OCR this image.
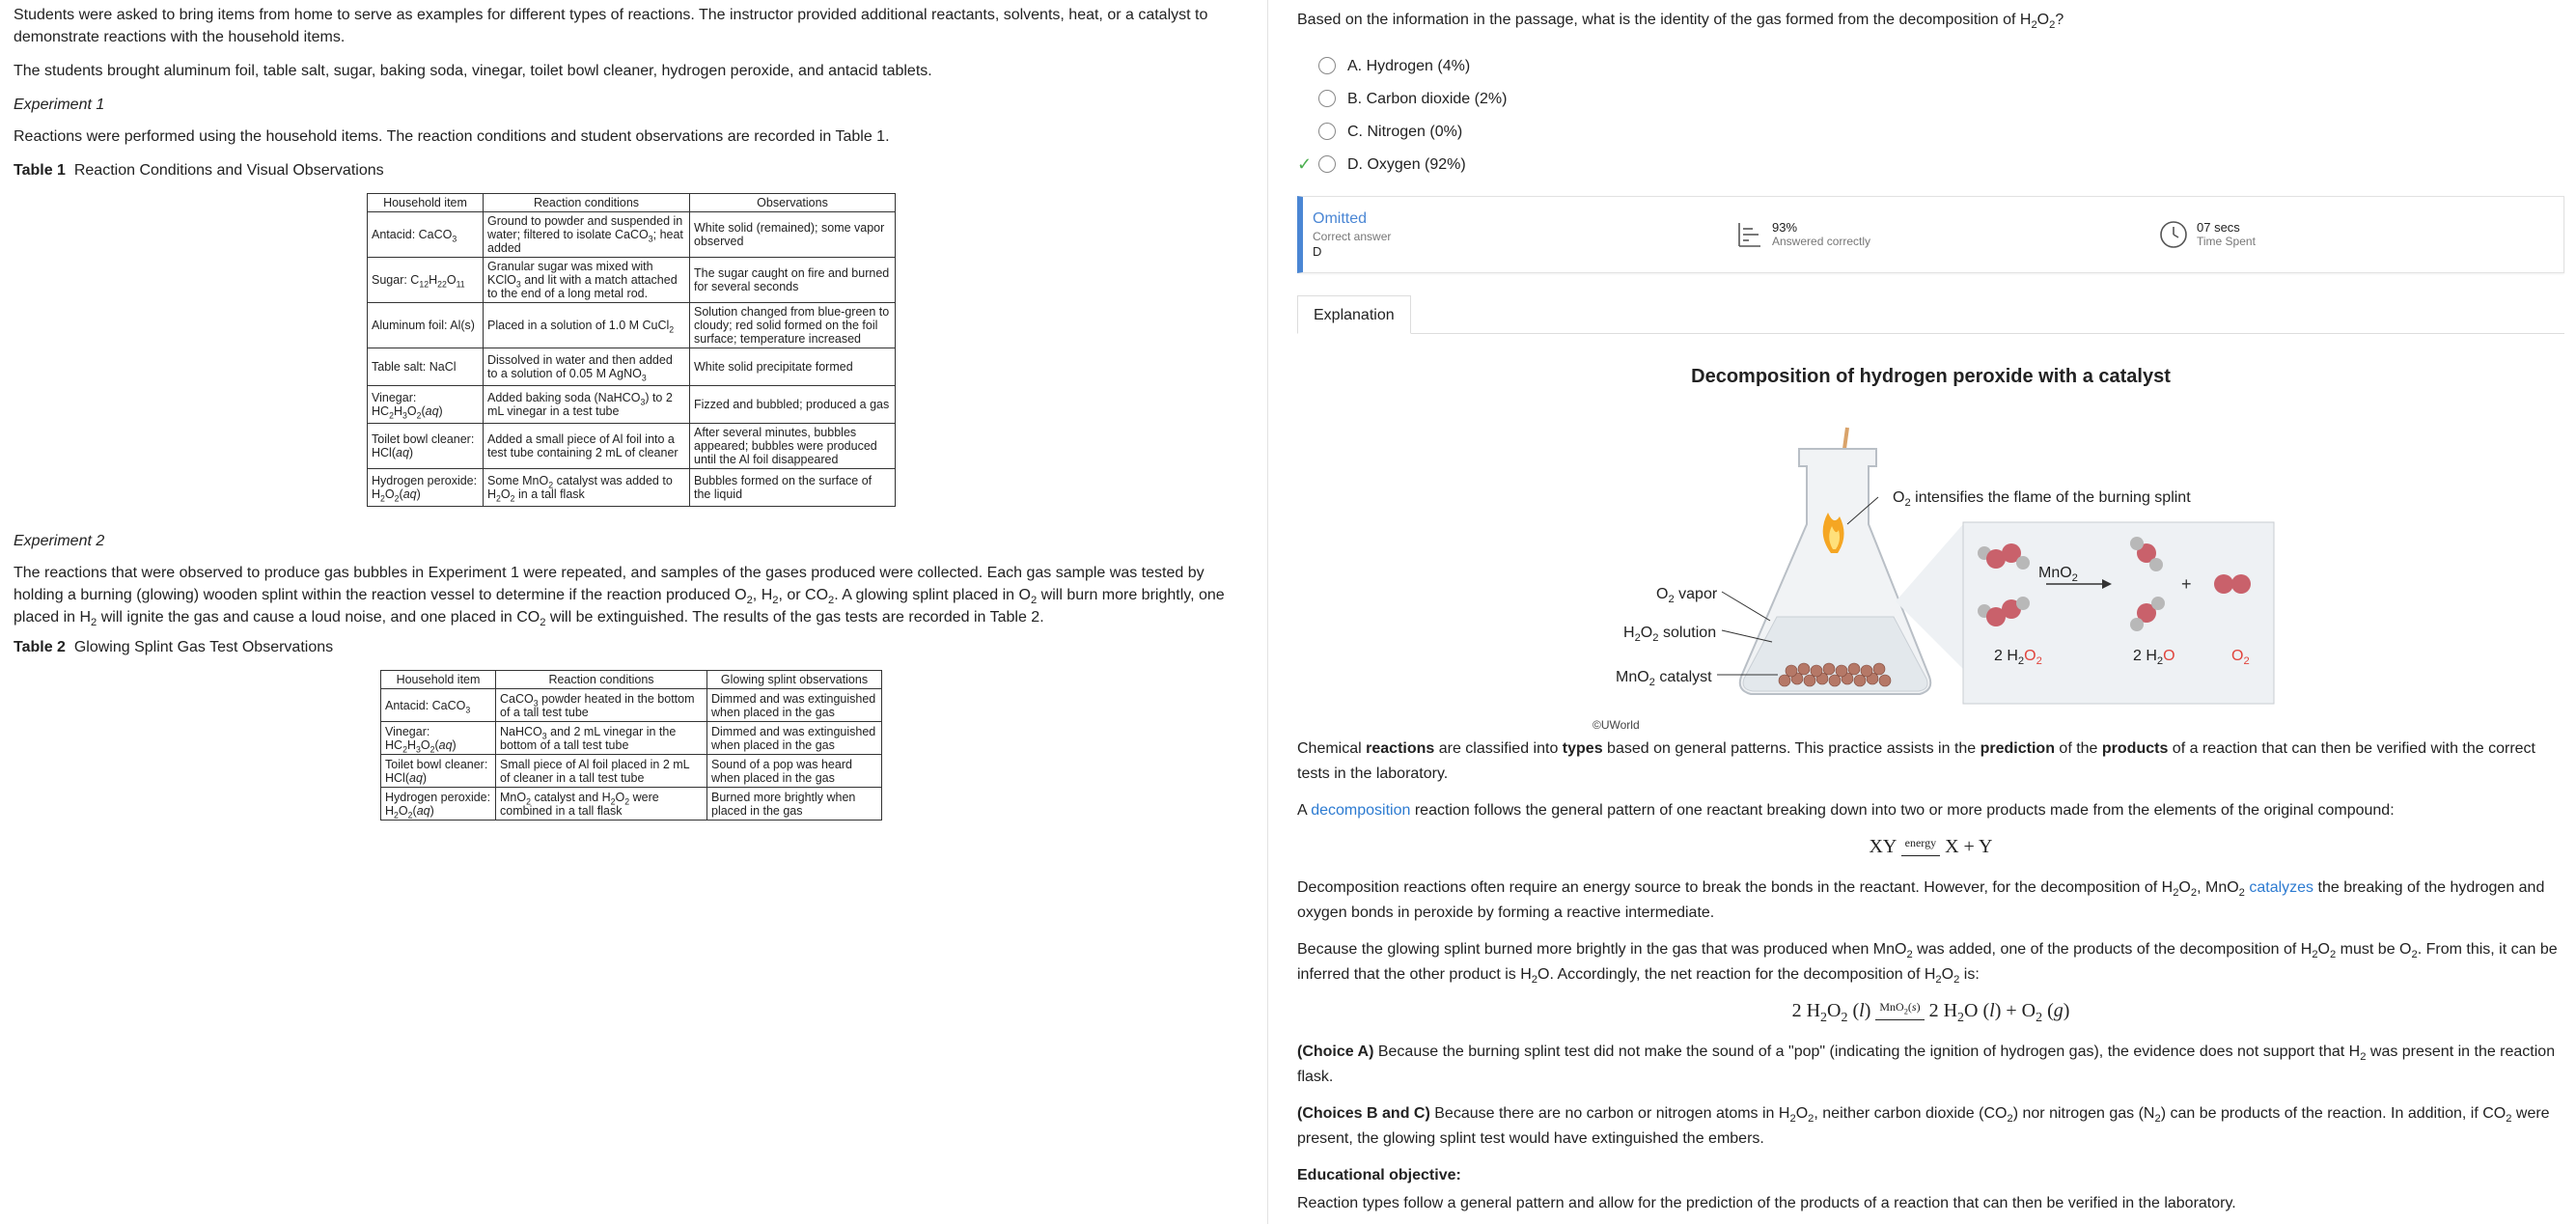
Students were asked to bring items from home to serve as examples for different types of reactions. The instructor provided additional reactants, solvents, heat, or a catalyst to demonstrate reactions with the household items.

The students brought aluminum foil, table salt, sugar, baking soda, vinegar, toilet bowl cleaner, hydrogen peroxide, and antacid tablets.

Experiment 1

Reactions were performed using the household items. The reaction conditions and student observations are recorded in Table 1.

Table 1 Reaction Conditions and Visual Observations

Household item	Reaction conditions	Observations
Antacid: CaCO$_3$	Ground to powder and suspended in water; filtered to isolate CaCO$_3$; heat added	White solid (remained); some vapor observed
Sugar: $C_{12}H_{22}O_{11}$	Granular sugar was mixed with KClO$_3$ and lit with a match attached to the end of a long metal rod.	The sugar caught on fire and burned for several seconds
Aluminum foil: Al(s)	Placed in a solution of 1.0 M CuCl$_2$	Solution changed from blue-green to cloudy; red solid formed on the foil surface; temperature increased
Table salt: NaCl	Dissolved in water and then added to a solution of 0.05 M AgNO$_3$	White solid precipitate formed
Vinegar: $HC_2H_3O_2(aq)$	Added baking soda (NaHCO$_3$) to 2 mL vinegar in a test tube	Fizzed and bubbled; produced a gas
Toilet bowl cleaner: HCl(aq)	Added a small piece of Al foil into a test tube containing 2 mL of cleaner	After several minutes, bubbles appeared; bubbles were produced until the Al foil disappeared
Hydrogen peroxide: $H_2O_2(aq)$	Some MnO$_2$ catalyst was added to $H_2O_2$ in a tall flask	Bubbles formed on the surface of the liquid

Experiment 2

The reactions that were observed to produce gas bubbles in Experiment 1 were repeated, and samples of the gases produced were collected. Each gas sample was tested by holding a burning (glowing) wooden splint within the reaction vessel to determine if the reaction produced $O_2$, $H_2$, or $CO_2$. A glowing splint placed in $O_2$ will burn more brightly, one placed in $H_2$ will ignite the gas and cause a loud noise, and one placed in $CO_2$ will be extinguished. The results of the gas tests are recorded in Table 2.

Table 2 Glowing Splint Gas Test Observations

Household item	Reaction conditions	Glowing splint observations
Antacid: CaCO$_3$	CaCO$_3$ powder heated in the bottom of a tall test tube	Dimmed and was extinguished when placed in the gas
Vinegar: $HC_2H_3O_2(aq)$	NaHCO$_3$ and 2 mL vinegar in the bottom of a tall test tube	Dimmed and was extinguished when placed in the gas
Toilet bowl cleaner: HCl(aq)	Small piece of Al foil placed in 2 mL of cleaner in a tall test tube	Sound of a pop was heard when placed in the gas
Hydrogen peroxide: $H_2O_2(aq)$	MnO$_2$ catalyst and $H_2O_2$ were combined in a tall flask	Burned more brightly when placed in the gas

Based on the information in the passage, what is the identity of the gas formed from the decomposition of $H_2O_2$?

A.
Hydrogen
(4%)
B.
Carbon dioxide
(2%)
C.
Nitrogen
(0%)
✓	D.
Oxygen
(92%)
Omitted
Correct answer
D
93%
Answered correctly
07 secs
Time Spent
Explanation
Decomposition of hydrogen peroxide with a catalyst
+
$O_2$ intensifies the flame of the burning splint
$O_2$ vapor
$H_2O_2$ solution
MnO$_2$ catalyst
MnO$_2$
2 $H_2O_2$	2 $H_2O$	$O_2$
©UWorld

Chemical reactions are classified into types based on general patterns. This practice assists in the prediction of the products of a reaction that can then be verified with the correct tests in the laboratory.

A decomposition reaction follows the general pattern of one reactant breaking down into two or more products made from the elements of the original compound:

XY energy X + Y

Decomposition reactions often require an energy source to break the bonds in the reactant. However, for the decomposition of $H_2O_2$, MnO$_2$ catalyzes the breaking of the hydrogen and oxygen bonds in peroxide by forming a reactive intermediate.

Because the glowing splint burned more brightly in the gas that was produced when MnO$_2$ was added, one of the products of the decomposition of $H_2O_2$ must be $O_2$. From this, it can be inferred that the other product is $H_2O$. Accordingly, the net reaction for the decomposition of $H_2O_2$ is:

2 $H_2O_2$ (l) MnO$_2$(s) 2 $H_2O$ $(l) + O_2$ (g)

(Choice A) Because the burning splint test did not make the sound of a "pop" (indicating the ignition of hydrogen gas), the evidence does not support that $H_2$ was present in the reaction flask.

(Choices B and C) Because there are no carbon or nitrogen atoms in $H_2O_2$, neither carbon dioxide $(CO_2)$ nor nitrogen gas $(N_2)$ can be products of the reaction. In addition, if $CO_2$ were present, the glowing splint test would have extinguished the embers.

Educational objective:

Reaction types follow a general pattern and allow for the prediction of the products of a reaction that can then be verified in the laboratory.
